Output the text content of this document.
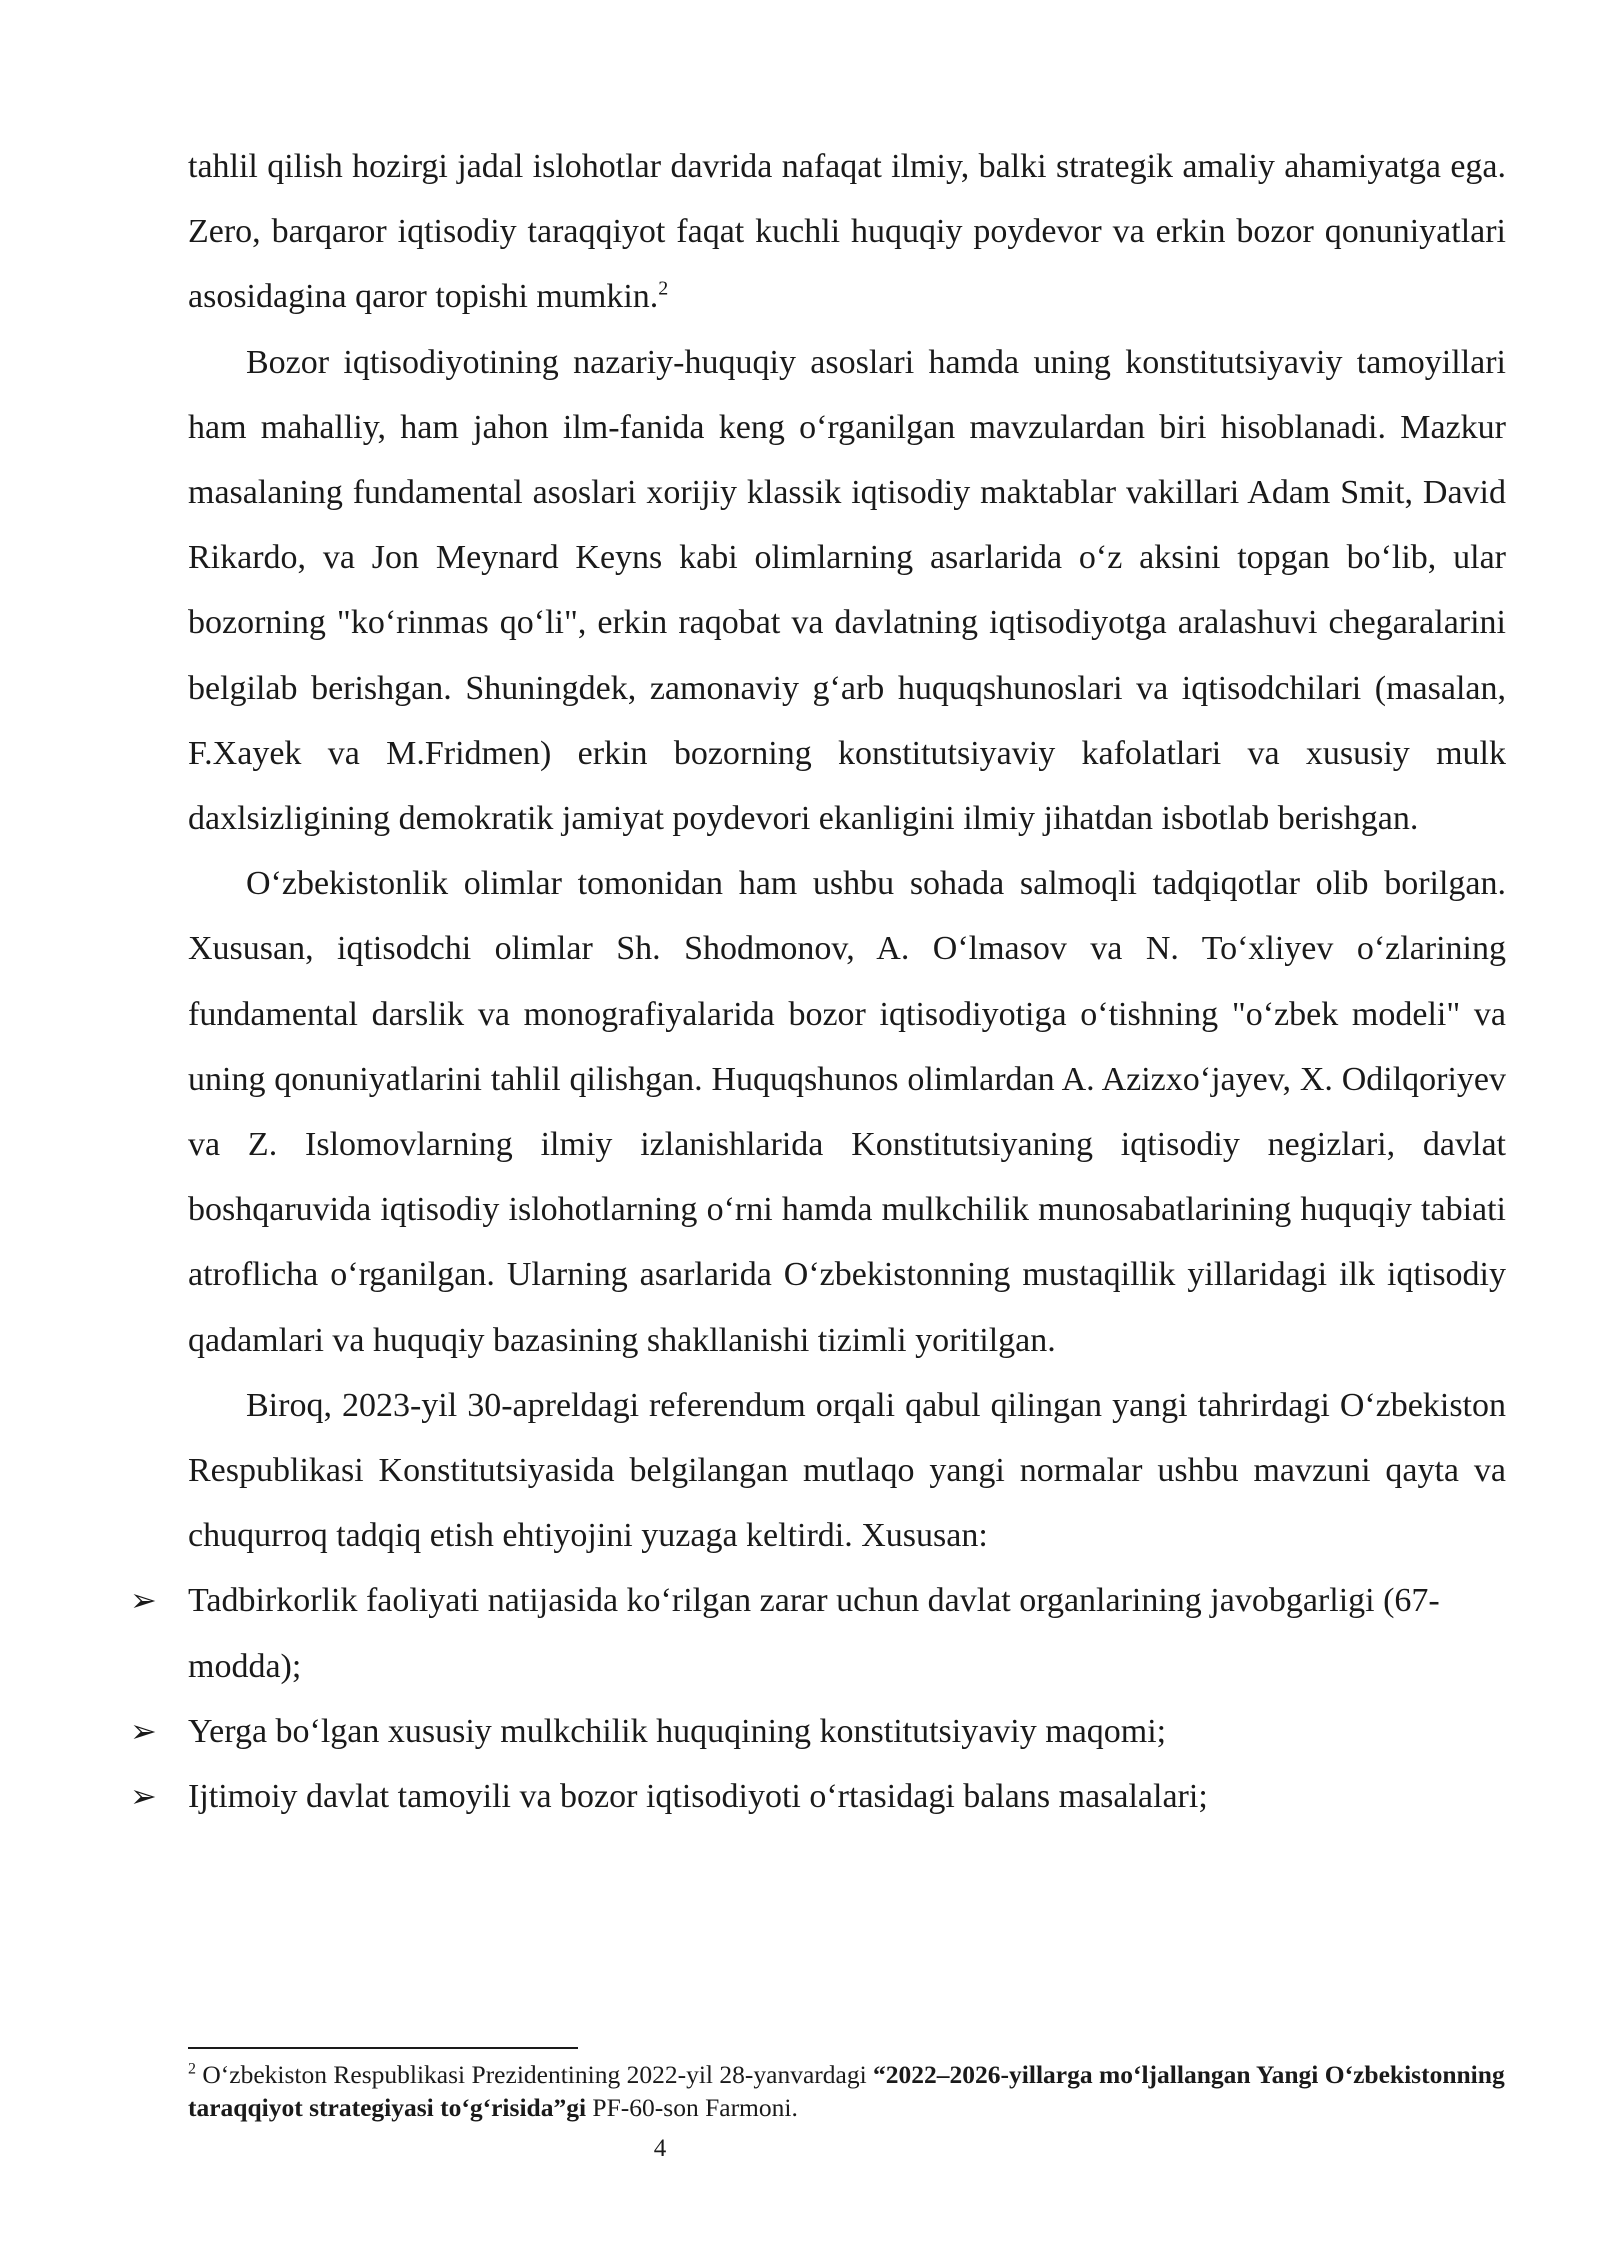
tahlil qilish hozirgi jadal islohotlar davrida nafaqat ilmiy, balki strategik amaliy ahamiyatga ega. Zero, barqaror iqtisodiy taraqqiyot faqat kuchli huquqiy poydevor va erkin bozor qonuniyatlari asosidagina qaror topishi mumkin.$^2$

Bozor iqtisodiyotining nazariy-huquqiy asoslari hamda uning konstitutsiyaviy tamoyillari ham mahalliy, ham jahon ilm-fanida keng oʻrganilgan mavzulardan biri hisoblanadi. Mazkur masalaning fundamental asoslari xorijiy klassik iqtisodiy maktablar vakillari Adam Smit, David Rikardo, va Jon Meynard Keyns kabi olimlarning asarlarida oʻz aksini topgan boʻlib, ular bozorning "koʻrinmas qoʻli", erkin raqobat va davlatning iqtisodiyotga aralashuvi chegaralarini belgilab berishgan. Shuningdek, zamonaviy gʻarb huquqshunoslari va iqtisodchilari (masalan, F.Xayek va M.Fridmen) erkin bozorning konstitutsiyaviy kafolatlari va xususiy mulk daxlsizligining demokratik jamiyat poydevori ekanligini ilmiy jihatdan isbotlab berishgan.

Oʻzbekistonlik olimlar tomonidan ham ushbu sohada salmoqli tadqiqotlar olib borilgan. Xususan, iqtisodchi olimlar Sh. Shodmonov, A. Oʻlmasov va N. Toʻxliyev oʻzlarining fundamental darslik va monografiyalarida bozor iqtisodiyotiga oʻtishning "oʻzbek modeli" va uning qonuniyatlarini tahlil qilishgan. Huquqshunos olimlardan A. Azizxoʻjayev, X. Odilqoriyev va Z. Islomovlarning ilmiy izlanishlarida Konstitutsiyaning iqtisodiy negizlari, davlat boshqaruvida iqtisodiy islohotlarning oʻrni hamda mulkchilik munosabatlarining huquqiy tabiati atroflicha oʻrganilgan. Ularning asarlarida Oʻzbekistonning mustaqillik yillaridagi ilk iqtisodiy qadamlari va huquqiy bazasining shakllanishi tizimli yoritilgan.

Biroq, 2023-yil 30-apreldagi referendum orqali qabul qilingan yangi tahrirdagi Oʻzbekiston Respublikasi Konstitutsiyasida belgilangan mutlaqo yangi normalar ushbu mavzuni qayta va chuqurroq tadqiq etish ehtiyojini yuzaga keltirdi. Xususan:

➢ Tadbirkorlik faoliyati natijasida koʻrilgan zarar uchun davlat organlarining javobgarligi (67-modda);
➢ Yerga boʻlgan xususiy mulkchilik huquqining konstitutsiyaviy maqomi;
➢ Ijtimoiy davlat tamoyili va bozor iqtisodiyoti oʻrtasidagi balans masalalari;

$^2$ Oʻzbekiston Respublikasi Prezidentining 2022-yil 28-yanvardagi “2022–2026-yillarga moʻljallangan Yangi Oʻzbekistonning taraqqiyot strategiyasi toʻgʻrisida”gi PF-60-son Farmoni.

4
